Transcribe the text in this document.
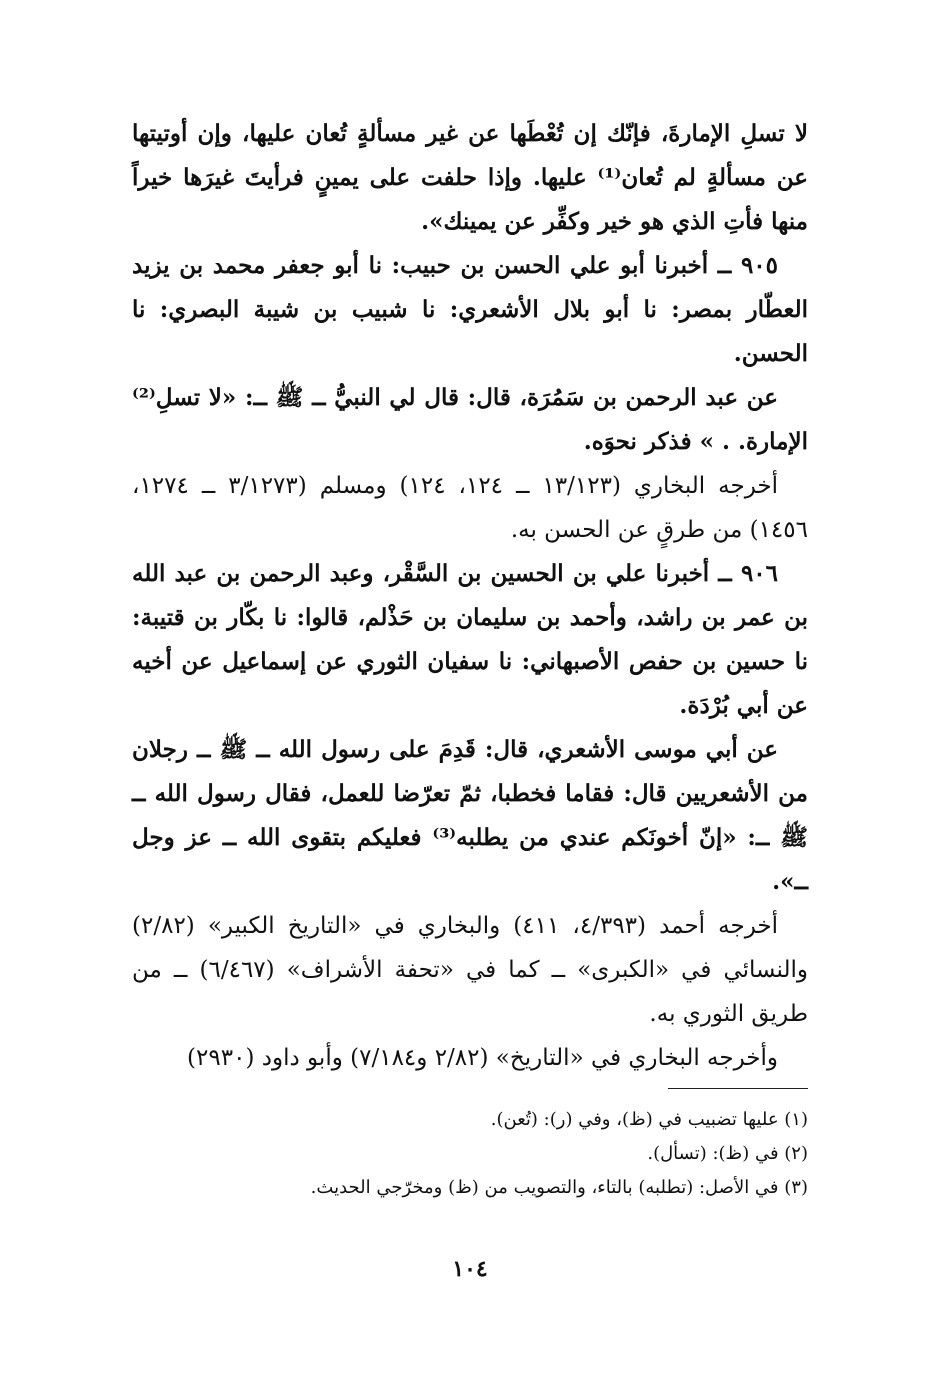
لا تسلِ الإمارةَ، فإنّك إن تُعْطَها عن غير مسألةٍ تُعان عليها، وإن أوتيتها عن مسألةٍ لم تُعان⁽¹⁾ عليها. وإذا حلفت على يمينٍ فرأيتَ غيرَها خيراً منها فأتِ الذي هو خير وكفِّر عن يمينك».

٩٠٥ ــ أخبرنا أبو علي الحسن بن حبيب: نا أبو جعفر محمد بن يزيد العطّار بمصر: نا أبو بلال الأشعري: نا شبيب بن شيبة البصري: نا الحسن.

عن عبد الرحمن بن سَمُرَة، قال: قال لي النبيُّ ــ ﷺ ــ: «لا تسلِ⁽²⁾ الإمارة. . » فذكر نحوَه.

أخرجه البخاري (١٣/١٢٣ ــ ١٢٤، ١٢٤) ومسلم (٣/١٢٧٣ ــ ١٢٧٤، ١٤٥٦) من طرقٍ عن الحسن به.

٩٠٦ ــ أخبرنا علي بن الحسين بن السَّقْر، وعبد الرحمن بن عبد الله بن عمر بن راشد، وأحمد بن سليمان بن حَذْلم، قالوا: نا بكّار بن قتيبة: نا حسين بن حفص الأصبهاني: نا سفيان الثوري عن إسماعيل عن أخيه عن أبي بُرْدَة.

عن أبي موسى الأشعري، قال: قَدِمَ على رسول الله ــ ﷺ ــ رجلان من الأشعريين قال: فقاما فخطبا، ثمّ تعرّضا للعمل، فقال رسول الله ــ ﷺ ــ: «إنّ أخونَكم عندي من يطلبه⁽³⁾ فعليكم بتقوى الله ــ عز وجل ــ».

أخرجه أحمد (٤/٣٩٣، ٤١١) والبخاري في «التاريخ الكبير» (٢/٨٢) والنسائي في «الكبرى» ــ كما في «تحفة الأشراف» (٦/٤٦٧) ــ من طريق الثوري به.

وأخرجه البخاري في «التاريخ» (٢/٨٢ و٧/١٨٤) وأبو داود (٢٩٣٠)

(١) عليها تضبيب في (ظ)، وفي (ر): (تُعن).
(٢) في (ظ): (تسأل).
(٣) في الأصل: (تطلبه) بالتاء، والتصويب من (ظ) ومخرّجي الحديث.
١٠٤
